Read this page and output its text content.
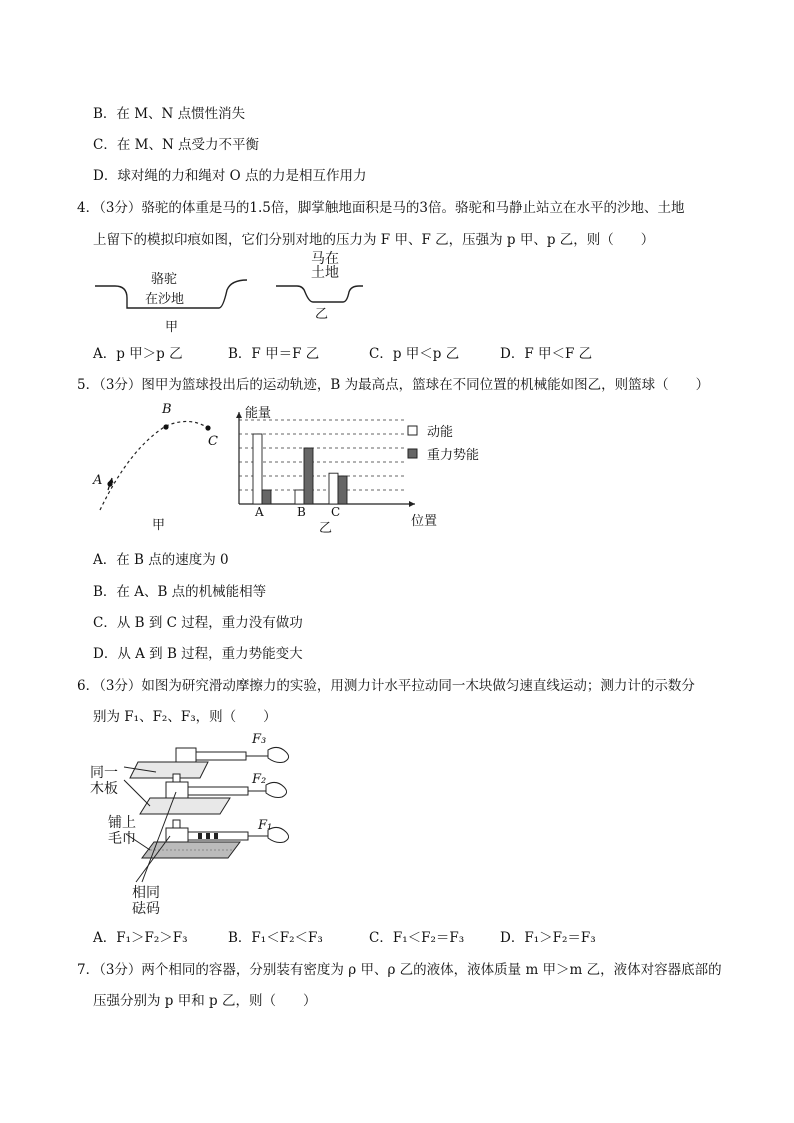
B．在 M、N 点惯性消失
C．在 M、N 点受力不平衡
D．球对绳的力和绳对 O 点的力是相互作用力
4．（3分）骆驼的体重是马的1.5倍，脚掌触地面积是马的3倍。骆驼和马静止站立在水平的沙地、土地
上留下的模拟印痕如图，它们分别对地的压力为 F 甲、F 乙，压强为 p 甲、p 乙，则（　　）
骆驼
在沙地
甲
马在
土地
乙
A．p 甲＞p 乙	B．F 甲＝F 乙	C．p 甲＜p 乙	D．F 甲＜F 乙
5．（3分）图甲为篮球投出后的运动轨迹，B 为最高点，篮球在不同位置的机械能如图乙，则篮球（　　）
A
B
C
甲
A	B C
能量
位置
动能
重力势能
乙
A．在 B 点的速度为 0
B．在 A、B 点的机械能相等
C．从 B 到 C 过程，重力没有做功
D．从 A 到 B 过程，重力势能变大
6．（3分）如图为研究滑动摩擦力的实验，用测力计水平拉动同一木块做匀速直线运动；测力计的示数分
别为 F₁、F₂、F₃，则（　　）
同一
木板
铺上
毛巾
相同
砝码
F₃
F₂
F₁
A．F₁＞F₂＞F₃	B．F₁＜F₂＜F₃	C．F₁＜F₂＝F₃	D．F₁＞F₂＝F₃
7．（3分）两个相同的容器，分别装有密度为 ρ 甲、ρ 乙的液体，液体质量 m 甲＞m 乙，液体对容器底部的
压强分别为 p 甲和 p 乙，则（　　）
